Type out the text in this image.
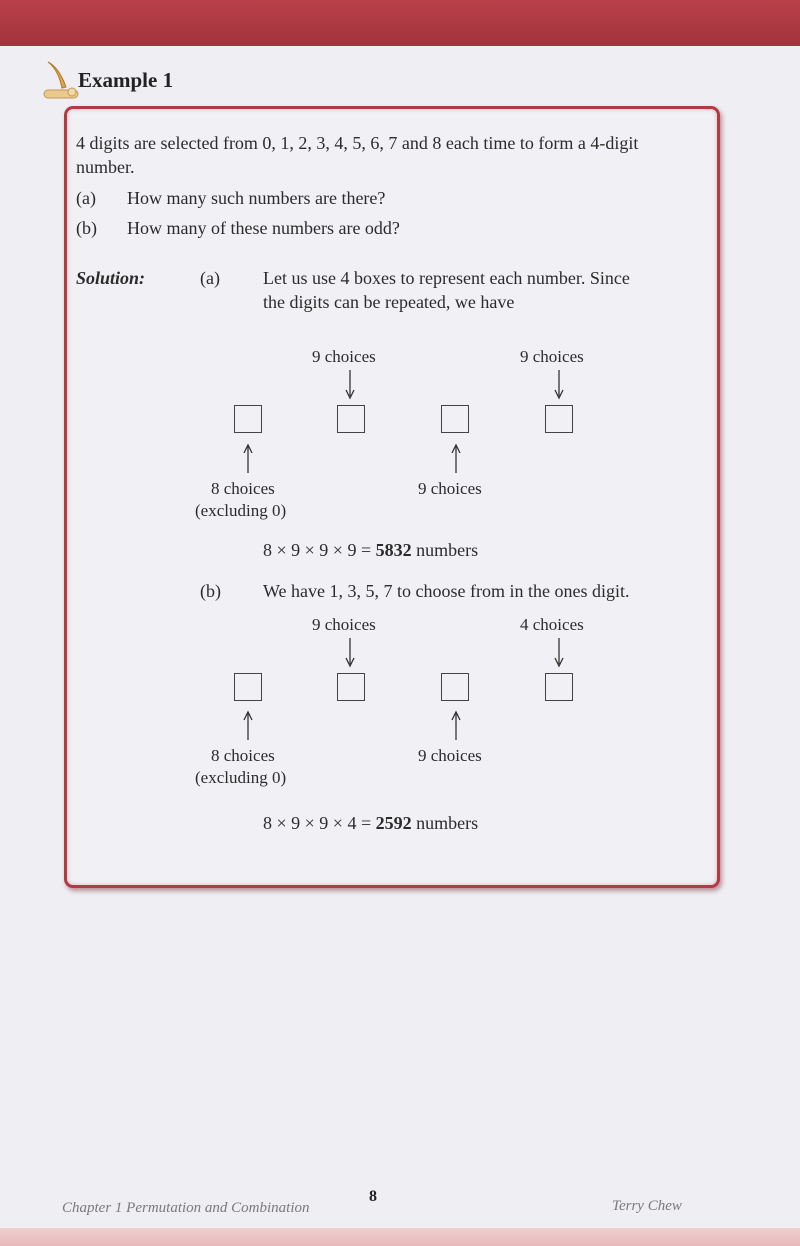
Example 1
4 digits are selected from 0, 1, 2, 3, 4, 5, 6, 7 and 8 each time to form a 4-digit
number.
(a) How many such numbers are there?
(b) How many of these numbers are odd?
Solution:	(a) Let us use 4 boxes to represent each number. Since
the digits can be repeated, we have
9 choices	9 choices
8 choices
(excluding 0)
9 choices
8 × 9 × 9 × 9 = 5832 numbers
(b) We have 1, 3, 5, 7 to choose from in the ones digit.
9 choices	4 choices
8 choices
(excluding 0)
9 choices
8 × 9 × 9 × 4 = 2592 numbers
Chapter 1 Permutation and Combination
8
Terry Chew
